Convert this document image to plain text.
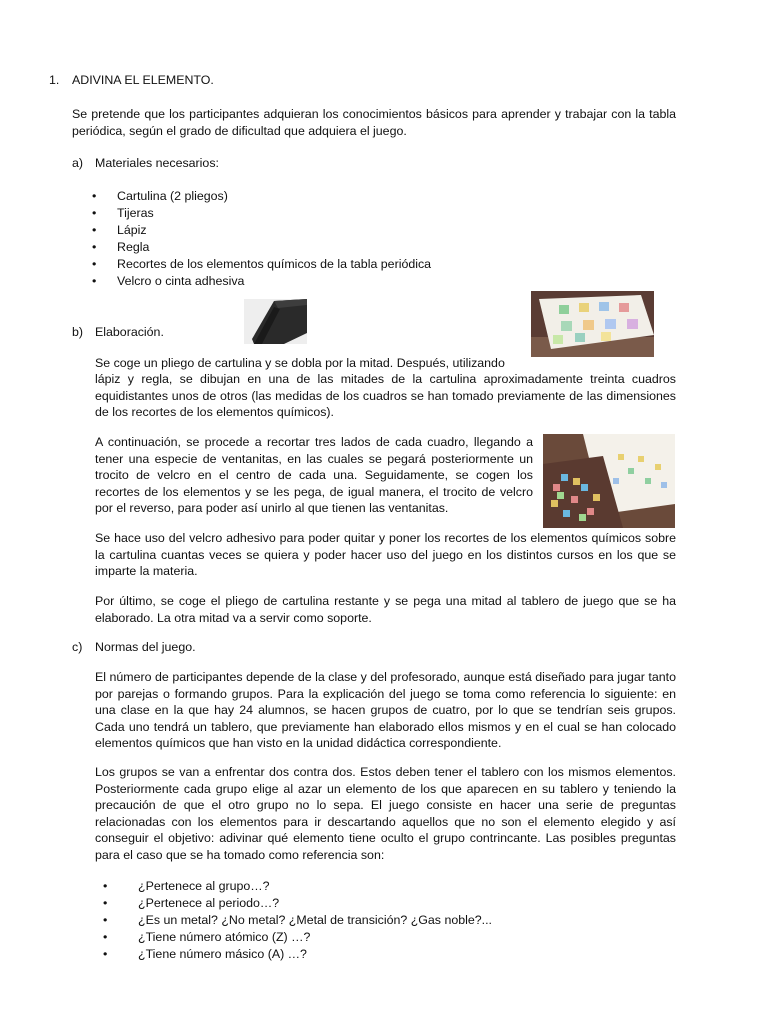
1. ADIVINA EL ELEMENTO.
Se pretende que los participantes adquieran los conocimientos básicos para aprender y trabajar con la tabla periódica, según el grado de dificultad que adquiera el juego.
a) Materiales necesarios:
• Cartulina (2 pliegos)
• Tijeras
• Lápiz
• Regla
• Recortes de los elementos químicos de la tabla periódica
• Velcro o cinta adhesiva
b) Elaboración.
Se coge un pliego de cartulina y se dobla por la mitad. Después, utilizando
lápiz y regla, se dibujan en una de las mitades de la cartulina aproximadamente treinta cuadros equidistantes unos de otros (las medidas de los cuadros se han tomado previamente de las dimensiones de los recortes de los elementos químicos).
A continuación, se procede a recortar tres lados de cada cuadro, llegando a tener una especie de ventanitas, en las cuales se pegará posteriormente un trocito de velcro en el centro de cada una. Seguidamente, se cogen los recortes de los elementos y se les pega, de igual manera, el trocito de velcro por el reverso, para poder así unirlo al que tienen las ventanitas.
Se hace uso del velcro adhesivo para poder quitar y poner los recortes de los elementos químicos sobre la cartulina cuantas veces se quiera y poder hacer uso del juego en los distintos cursos en los que se imparte la materia.
Por último, se coge el pliego de cartulina restante y se pega una mitad al tablero de juego que se ha elaborado. La otra mitad va a servir como soporte.
c) Normas del juego.
El número de participantes depende de la clase y del profesorado, aunque está diseñado para jugar tanto por parejas o formando grupos. Para la explicación del juego se toma como referencia lo siguiente: en una clase en la que hay 24 alumnos, se hacen grupos de cuatro, por lo que se tendrían seis grupos. Cada uno tendrá un tablero, que previamente han elaborado ellos mismos y en el cual se han colocado elementos químicos que han visto en la unidad didáctica correspondiente.
Los grupos se van a enfrentar dos contra dos. Estos deben tener el tablero con los mismos elementos. Posteriormente cada grupo elige al azar un elemento de los que aparecen en su tablero y teniendo la precaución de que el otro grupo no lo sepa. El juego consiste en hacer una serie de preguntas relacionadas con los elementos para ir descartando aquellos que no son el elemento elegido y así conseguir el objetivo: adivinar qué elemento tiene oculto el grupo contrincante. Las posibles preguntas para el caso que se ha tomado como referencia son:
• ¿Pertenece al grupo…?
• ¿Pertenece al periodo…?
• ¿Es un metal? ¿No metal? ¿Metal de transición? ¿Gas noble?...
• ¿Tiene número atómico (Z) …?
• ¿Tiene número másico (A) …?
